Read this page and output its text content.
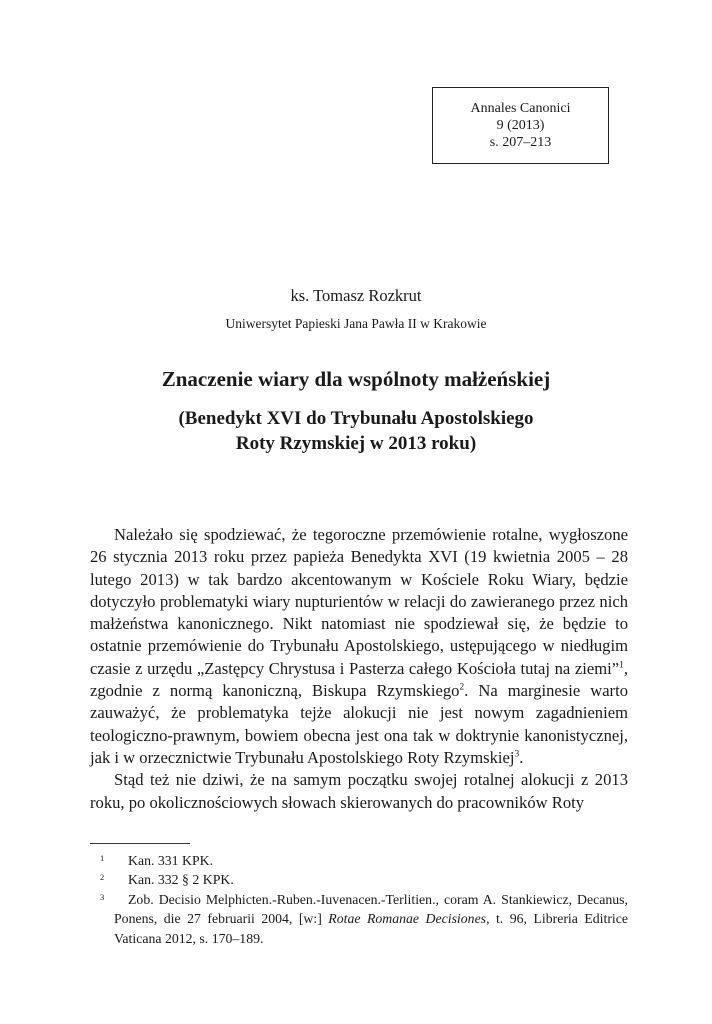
Annales Canonici
9 (2013)
s. 207–213
ks. Tomasz Rozkrut
Uniwersytet Papieski Jana Pawła II w Krakowie
Znaczenie wiary dla wspólnoty małżeńskiej
(Benedykt XVI do Trybunału Apostolskiego
Roty Rzymskiej w 2013 roku)

Należało się spodziewać, że tegoroczne przemówienie rotalne, wygłoszone 26 stycznia 2013 roku przez papieża Benedykta XVI (19 kwietnia 2005 – 28 lutego 2013) w tak bardzo akcentowanym w Kościele Roku Wiary, będzie dotyczyło problematyki wiary nupturientów w relacji do zawieranego przez nich małżeństwa kanonicznego. Nikt natomiast nie spodziewał się, że będzie to ostatnie przemówienie do Trybunału Apostolskiego, ustępującego w niedługim czasie z urzędu „Zastępcy Chrystusa i Pasterza całego Kościoła tutaj na ziemi”$^1$, zgodnie z normą kanoniczną, Biskupa Rzymskiego$^2$. Na marginesie warto zauważyć, że problematyka tejże alokucji nie jest nowym zagadnieniem teologiczno-prawnym, bowiem obecna jest ona tak w doktrynie kanonistycznej, jak i w orzecznictwie Trybunału Apostolskiego Roty Rzymskiej$^3$.

Stąd też nie dziwi, że na samym początku swojej rotalnej alokucji z 2013 roku, po okolicznościowych słowach skierowanych do pracowników Roty

1 Kan. 331 KPK.
2 Kan. 332 § 2 KPK.
3 Zob. Decisio Melphicten.-Ruben.-Iuvenacen.-Terlitien., coram A. Stankiewicz, Decanus, Ponens, die 27 februarii 2004, [w:] Rotae Romanae Decisiones, t. 96, Libreria Editrice Vaticana 2012, s. 170–189.
